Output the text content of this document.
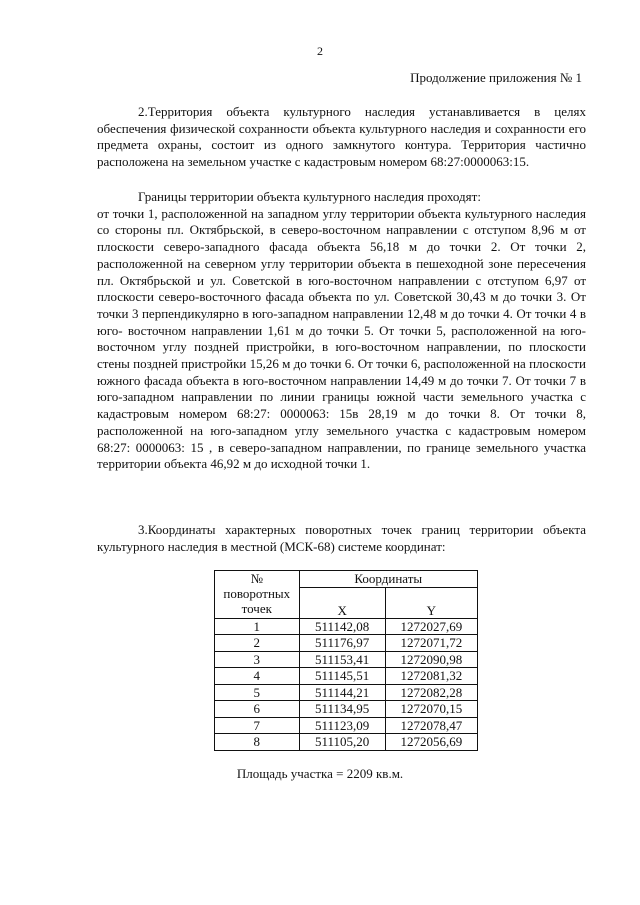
2
Продолжение приложения № 1

2.Территория объекта культурного наследия устанавливается в целях обеспечения физической сохранности объекта культурного наследия и сохранности его предмета охраны, состоит из одного замкнутого контура. Территория частично расположена на земельном участке с кадастровым номером 68:27:0000063:15.

Границы территории объекта культурного наследия проходят:

от точки 1, расположенной на западном углу территории объекта культурного наследия со стороны пл. Октябрьской, в северо-восточном направлении с отступом 8,96 м от плоскости северо-западного фасада объекта 56,18 м до точки 2. От точки 2, расположенной на северном углу территории объекта в пешеходной зоне пересечения пл. Октябрьской и ул. Советской в юго-восточном направлении с отступом 6,97 от плоскости северо-восточного фасада объекта по ул. Советской 30,43 м до точки 3. От точки 3 перпендикулярно в юго-западном направлении 12,48 м до точки 4. От точки 4 в юго- восточном направлении 1,61 м до точки 5. От точки 5, расположенной на юго-восточном углу поздней пристройки, в юго-восточном направлении, по плоскости стены поздней пристройки 15,26 м до точки 6. От точки 6, расположенной на плоскости южного фасада объекта в юго-восточном направлении 14,49 м до точки 7. От точки 7 в юго-западном направлении по линии границы южной части земельного участка с кадастровым номером 68:27: 0000063: 15в 28,19 м до точки 8. От точки 8, расположенной на юго-западном углу земельного участка с кадастровым номером 68:27: 0000063: 15 , в северо-западном направлении, по границе земельного участка территории объекта 46,92 м до исходной точки 1.

3.Координаты характерных поворотных точек границ территории объекта культурного наследия в местной (МСК-68) системе координат:

№
поворотных
точек	Координаты	
	X	Y
1	511142,08	1272027,69
2	511176,97	1272071,72
3	511153,41	1272090,98
4	511145,51	1272081,32
5	511144,21	1272082,28
6	511134,95	1272070,15
7	511123,09	1272078,47
8	511105,20	1272056,69
Площадь участка = 2209 кв.м.
